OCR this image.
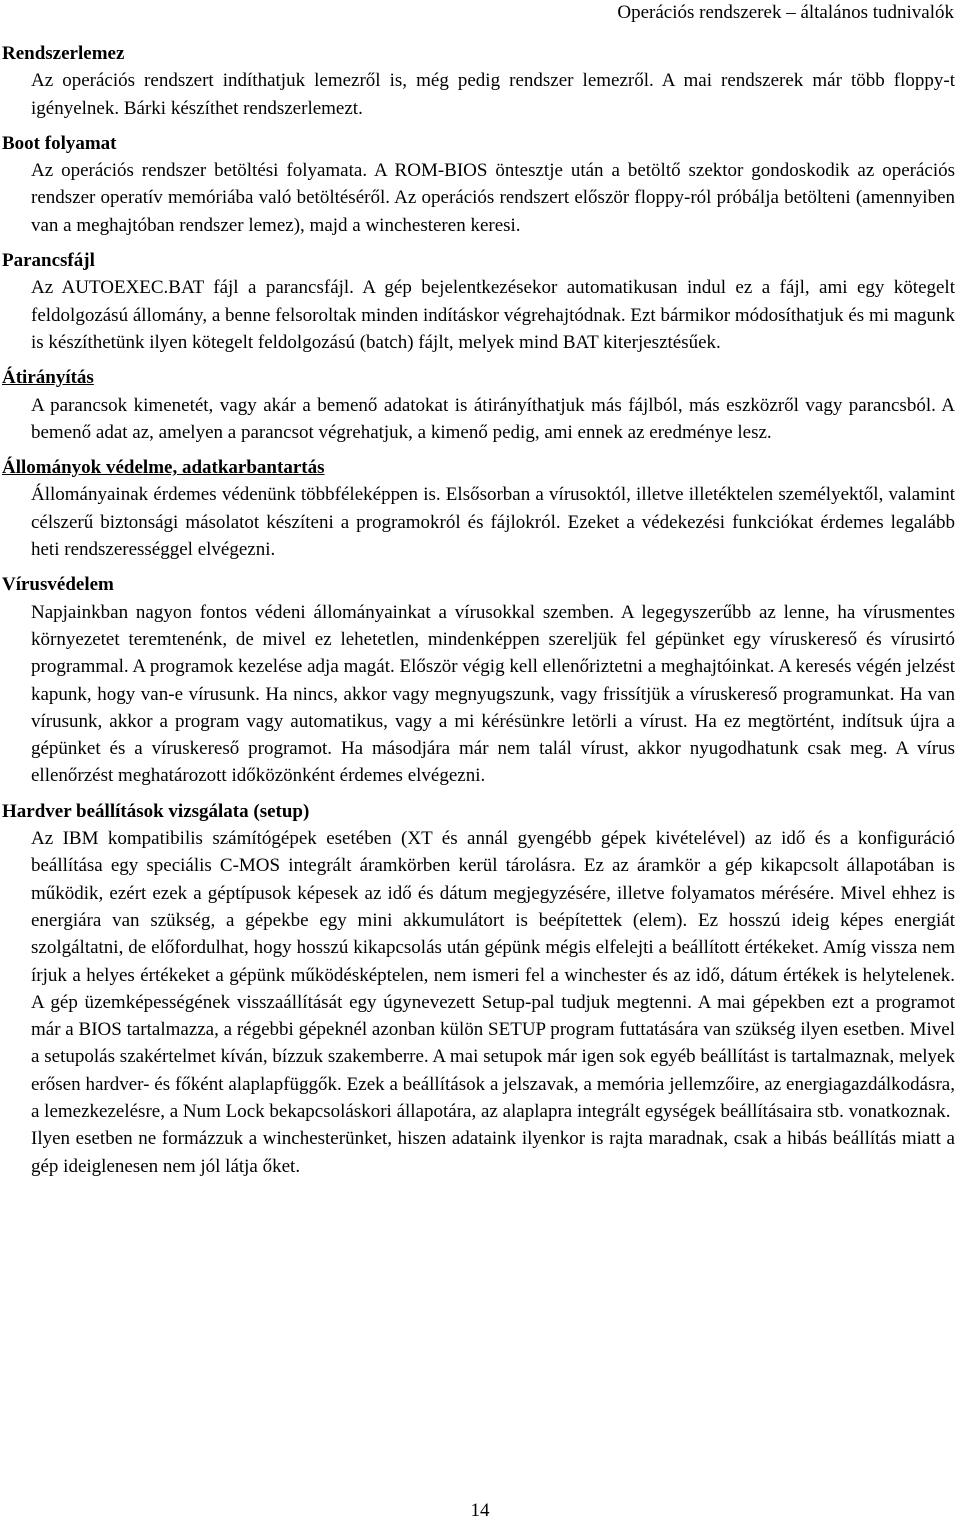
Operációs rendszerek – általános tudnivalók
Rendszerlemez
Az operációs rendszert indíthatjuk lemezről is, még pedig rendszer lemezről. A mai rendszerek már több floppy-t igényelnek. Bárki készíthet rendszerlemezt.
Boot folyamat
Az operációs rendszer betöltési folyamata. A ROM-BIOS öntesztje után a betöltő szektor gondoskodik az operációs rendszer operatív memóriába való betöltéséről. Az operációs rendszert először floppy-ról próbálja betölteni (amennyiben van a meghajtóban rendszer lemez), majd a winchesteren keresi.
Parancsfájl
Az AUTOEXEC.BAT fájl a parancsfájl. A gép bejelentkezésekor automatikusan indul ez a fájl, ami egy kötegelt feldolgozású állomány, a benne felsoroltak minden indításkor végrehajtódnak. Ezt bármikor módosíthatjuk és mi magunk is készíthetünk ilyen kötegelt feldolgozású (batch) fájlt, melyek mind BAT kiterjesztésűek.
Átirányítás
A parancsok kimenetét, vagy akár a bemenő adatokat is átirányíthatjuk más fájlból, más eszközről vagy parancsból. A bemenő adat az, amelyen a parancsot végrehatjuk, a kimenő pedig, ami ennek az eredménye lesz.
Állományok védelme, adatkarbantartás
Állományainak érdemes védenünk többféleképpen is. Elsősorban a vírusoktól, illetve illetéktelen személyektől, valamint célszerű biztonsági másolatot készíteni a programokról és fájlokról. Ezeket a védekezési funkciókat érdemes legalább heti rendszerességgel elvégezni.
Vírusvédelem
Napjainkban nagyon fontos védeni állományainkat a vírusokkal szemben. A legegyszerűbb az lenne, ha vírusmentes környezetet teremtenénk, de mivel ez lehetetlen, mindenképpen szereljük fel gépünket egy víruskereső és vírusirtó programmal. A programok kezelése adja magát. Először végig kell ellenőriztetni a meghajtóinkat. A keresés végén jelzést kapunk, hogy van-e vírusunk. Ha nincs, akkor vagy megnyugszunk, vagy frissítjük a víruskereső programunkat. Ha van vírusunk, akkor a program vagy automatikus, vagy a mi kérésünkre letörli a vírust. Ha ez megtörtént, indítsuk újra a gépünket és a víruskereső programot. Ha másodjára már nem talál vírust, akkor nyugodhatunk csak meg. A vírus ellenőrzést meghatározott időközönként érdemes elvégezni.
Hardver beállítások vizsgálata (setup)
Az IBM kompatibilis számítógépek esetében (XT és annál gyengébb gépek kivételével) az idő és a konfiguráció beállítása egy speciális C-MOS integrált áramkörben kerül tárolásra. Ez az áramkör a gép kikapcsolt állapotában is működik, ezért ezek a géptípusok képesek az idő és dátum megjegyzésére, illetve folyamatos mérésére. Mivel ehhez is energiára van szükség, a gépekbe egy mini akkumulátort is beépítettek (elem). Ez hosszú ideig képes energiát szolgáltatni, de előfordulhat, hogy hosszú kikapcsolás után gépünk mégis elfelejti a beállított értékeket. Amíg vissza nem írjuk a helyes értékeket a gépünk működésképtelen, nem ismeri fel a winchester és az idő, dátum értékek is helytelenek. A gép üzemképességének visszaállítását egy úgynevezett Setup-pal tudjuk megtenni. A mai gépekben ezt a programot már a BIOS tartalmazza, a régebbi gépeknél azonban külön SETUP program futtatására van szükség ilyen esetben. Mivel a setupolás szakértelmet kíván, bízzuk szakemberre. A mai setupok már igen sok egyéb beállítást is tartalmaznak, melyek erősen hardver- és főként alaplapfüggők. Ezek a beállítások a jelszavak, a memória jellemzőire, az energiagazdálkodásra, a lemezkezelésre, a Num Lock bekapcsoláskori állapotára, az alaplapra integrált egységek beállításaira stb. vonatkoznak.
Ilyen esetben ne formázzuk a winchesterünket, hiszen adataink ilyenkor is rajta maradnak, csak a hibás beállítás miatt a gép ideiglenesen nem jól látja őket.
14
